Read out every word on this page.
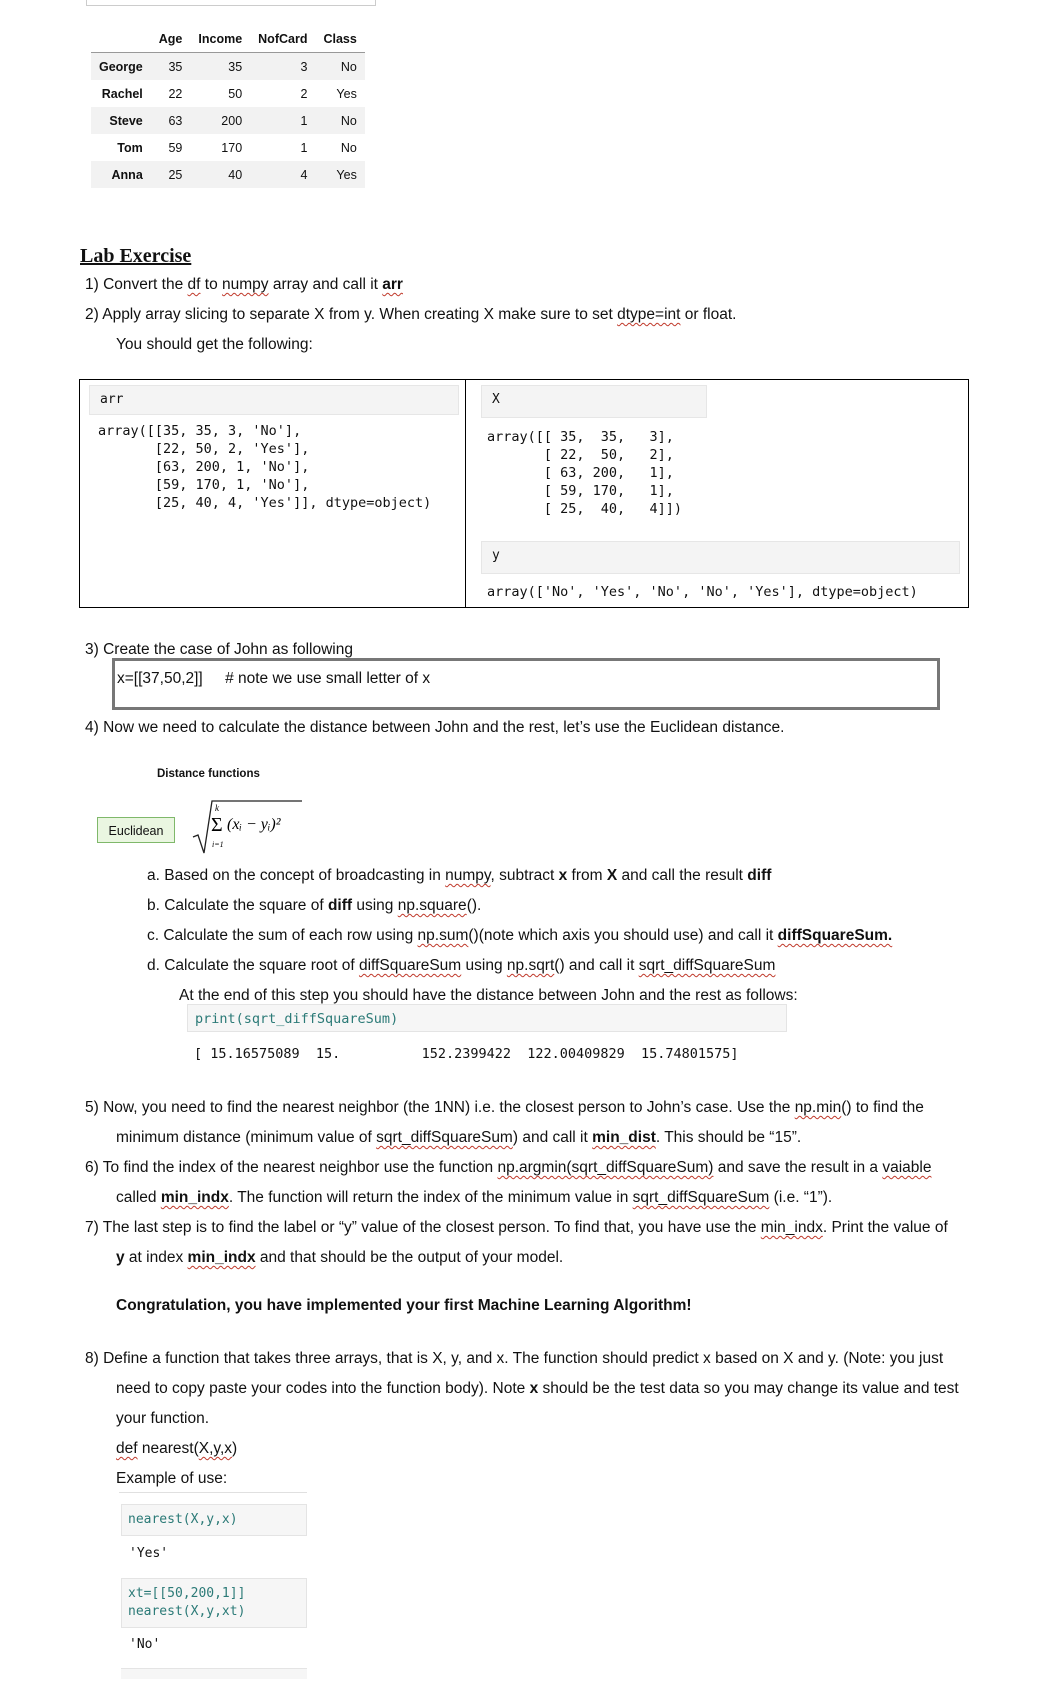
	Age	Income	NofCard	Class
George	35	35	3	No
Rachel	22	50	2	Yes
Steve	63	200	1	No
Tom	59	170	1	No
Anna	25	40	4	Yes
Lab Exercise
1) Convert the df to numpy array and call it arr
2) Apply array slicing to separate X from y. When creating X make sure to set dtype=int or float.
You should get the following:
arr
array([[35, 35, 3, 'No'],
[22, 50, 2, 'Yes'],
[63, 200, 1, 'No'],
[59, 170, 1, 'No'],
[25, 40, 4, 'Yes']], dtype=object)
X
array([[ 35,  35,   3],
[ 22,  50,   2],
[ 63, 200,   1],
[ 59, 170,   1],
[ 25,  40,   4]])
y
array(['No', 'Yes', 'No', 'No', 'Yes'], dtype=object)
3) Create the case of John as following
x=[[37,50,2]] # note we use small letter of x
4) Now we need to calculate the distance between John and the rest, let’s use the Euclidean distance.
Distance functions
Euclidean
k
Σ
i=1
(xᵢ − yᵢ)²
a. Based on the concept of broadcasting in numpy, subtract x from X and call the result diff
b. Calculate the square of diff using np.square().
c. Calculate the sum of each row using np.sum()(note which axis you should use) and call it diffSquareSum.
d. Calculate the square root of diffSquareSum using np.sqrt() and call it sqrt_diffSquareSum
At the end of this step you should have the distance between John and the rest as follows:
print(sqrt_diffSquareSum)
[ 15.16575089  15.          152.2399422  122.00409829  15.74801575]
5) Now, you need to find the nearest neighbor (the 1NN) i.e. the closest person to John’s case. Use the np.min() to find the
minimum distance (minimum value of sqrt_diffSquareSum) and call it min_dist. This should be “15”.
6) To find the index of the nearest neighbor use the function np.argmin(sqrt_diffSquareSum) and save the result in a vaiable
called min_indx. The function will return the index of the minimum value in sqrt_diffSquareSum (i.e. “1”).
7) The last step is to find the label or “y” value of the closest person. To find that, you have use the min_indx. Print the value of
y at index min_indx and that should be the output of your model.
Congratulation, you have implemented your first Machine Learning Algorithm!
8) Define a function that takes three arrays, that is X, y, and x. The function should predict x based on X and y. (Note: you just
need to copy paste your codes into the function body). Note x should be the test data so you may change its value and test
your function.
def nearest(X,y,x)
Example of use:
nearest(X,y,x)
'Yes'
xt=[[50,200,1]]
nearest(X,y,xt)
'No'
